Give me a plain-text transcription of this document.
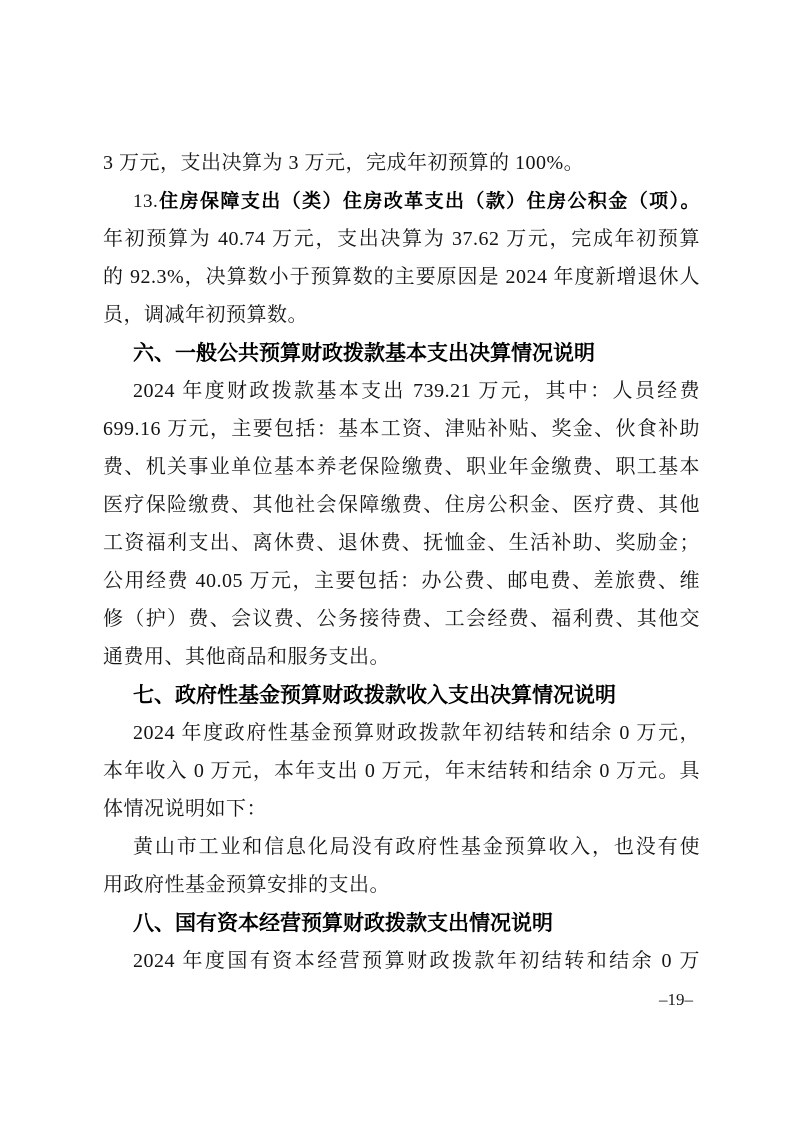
3 万元，支出决算为 3 万元，完成年初预算的 100%。
13.住房保障支出（类）住房改革支出（款）住房公积金（项）。
年初预算为 40.74 万元，支出决算为 37.62 万元，完成年初预算
的 92.3%，决算数小于预算数的主要原因是 2024 年度新增退休人
员，调减年初预算数。
六、一般公共预算财政拨款基本支出决算情况说明
2024 年度财政拨款基本支出 739.21 万元，其中：人员经费
699.16 万元，主要包括：基本工资、津贴补贴、奖金、伙食补助
费、机关事业单位基本养老保险缴费、职业年金缴费、职工基本
医疗保险缴费、其他社会保障缴费、住房公积金、医疗费、其他
工资福利支出、离休费、退休费、抚恤金、生活补助、奖励金；
公用经费 40.05 万元，主要包括：办公费、邮电费、差旅费、维
修（护）费、会议费、公务接待费、工会经费、福利费、其他交
通费用、其他商品和服务支出。
七、政府性基金预算财政拨款收入支出决算情况说明
2024 年度政府性基金预算财政拨款年初结转和结余 0 万元，
本年收入 0 万元，本年支出 0 万元，年末结转和结余 0 万元。具
体情况说明如下：
黄山市工业和信息化局没有政府性基金预算收入，也没有使
用政府性基金预算安排的支出。
八、国有资本经营预算财政拨款支出情况说明
2024 年度国有资本经营预算财政拨款年初结转和结余 0 万
–19–
